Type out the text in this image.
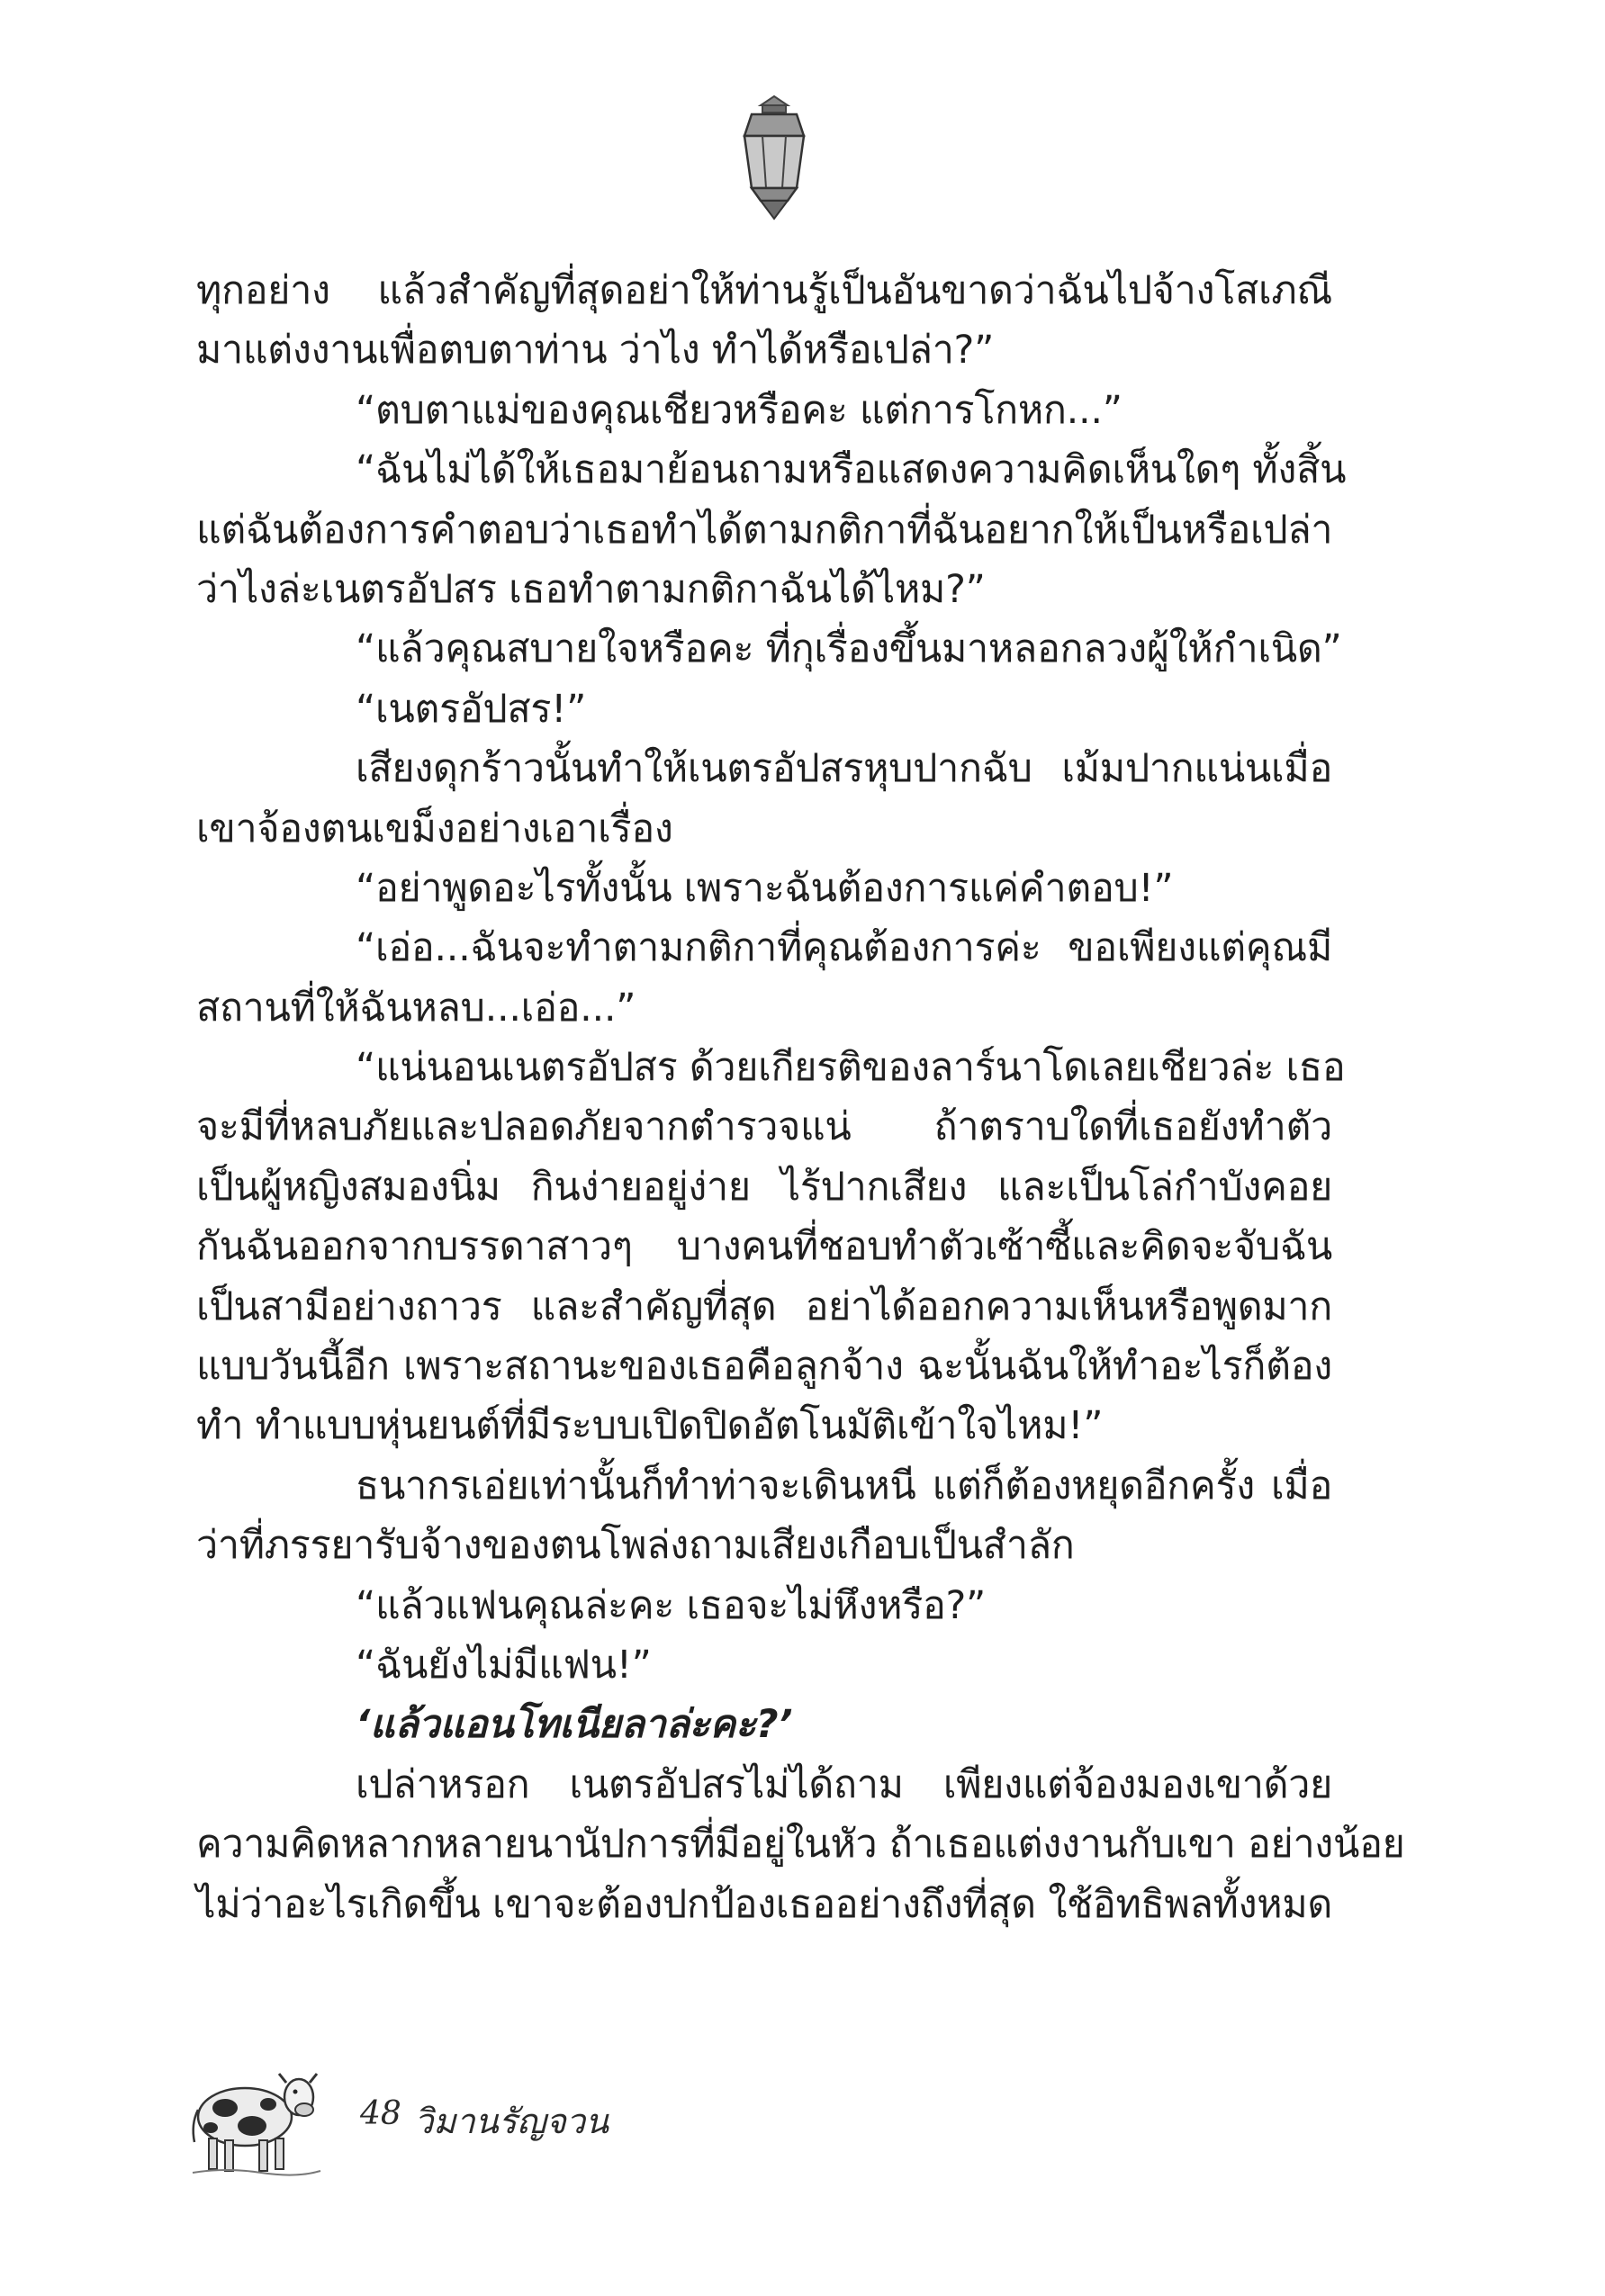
ทุกอย่าง แล้วสำคัญที่สุดอย่าให้ท่านรู้เป็นอันขาดว่าฉันไปจ้างโสเภณี
มาแต่งงานเพื่อตบตาท่าน ว่าไง ทำได้หรือเปล่า?”
“ตบตาแม่ของคุณเชียวหรือคะ แต่การโกหก...”
“ฉันไม่ได้ให้เธอมาย้อนถามหรือแสดงความคิดเห็นใดๆ ทั้งสิ้น
แต่ฉันต้องการคำตอบว่าเธอทำได้ตามกติกาที่ฉันอยากให้เป็นหรือเปล่า
ว่าไงล่ะเนตรอัปสร เธอทำตามกติกาฉันได้ไหม?”
“แล้วคุณสบายใจหรือคะ ที่กุเรื่องขึ้นมาหลอกลวงผู้ให้กำเนิด”
“เนตรอัปสร!”
เสียงดุกร้าวนั้นทำให้เนตรอัปสรหุบปากฉับ เม้มปากแน่นเมื่อ
เขาจ้องตนเขม็งอย่างเอาเรื่อง
“อย่าพูดอะไรทั้งนั้น เพราะฉันต้องการแค่คำตอบ!”
“เอ่อ...ฉันจะทำตามกติกาที่คุณต้องการค่ะ ขอเพียงแต่คุณมี
สถานที่ให้ฉันหลบ...เอ่อ...”
“แน่นอนเนตรอัปสร ด้วยเกียรติของลาร์นาโดเลยเชียวล่ะ เธอ
จะมีที่หลบภัยและปลอดภัยจากตำรวจแน่ ถ้าตราบใดที่เธอยังทำตัว
เป็นผู้หญิงสมองนิ่ม กินง่ายอยู่ง่าย ไร้ปากเสียง และเป็นโล่กำบังคอย
กันฉันออกจากบรรดาสาวๆ บางคนที่ชอบทำตัวเซ้าซี้และคิดจะจับฉัน
เป็นสามีอย่างถาวร และสำคัญที่สุด อย่าได้ออกความเห็นหรือพูดมาก
แบบวันนี้อีก เพราะสถานะของเธอคือลูกจ้าง ฉะนั้นฉันให้ทำอะไรก็ต้อง
ทำ ทำแบบหุ่นยนต์ที่มีระบบเปิดปิดอัตโนมัติเข้าใจไหม!”
ธนากรเอ่ยเท่านั้นก็ทำท่าจะเดินหนี แต่ก็ต้องหยุดอีกครั้ง เมื่อ
ว่าที่ภรรยารับจ้างของตนโพล่งถามเสียงเกือบเป็นสำลัก
“แล้วแฟนคุณล่ะคะ เธอจะไม่หึงหรือ?”
“ฉันยังไม่มีแฟน!”
‘แล้วแอนโทเนียลาล่ะคะ?’
เปล่าหรอก เนตรอัปสรไม่ได้ถาม เพียงแต่จ้องมองเขาด้วย
ความคิดหลากหลายนานัปการที่มีอยู่ในหัว ถ้าเธอแต่งงานกับเขา อย่างน้อย
ไม่ว่าอะไรเกิดขึ้น เขาจะต้องปกป้องเธออย่างถึงที่สุด ใช้อิทธิพลทั้งหมด
48 วิมานรัญจวน
